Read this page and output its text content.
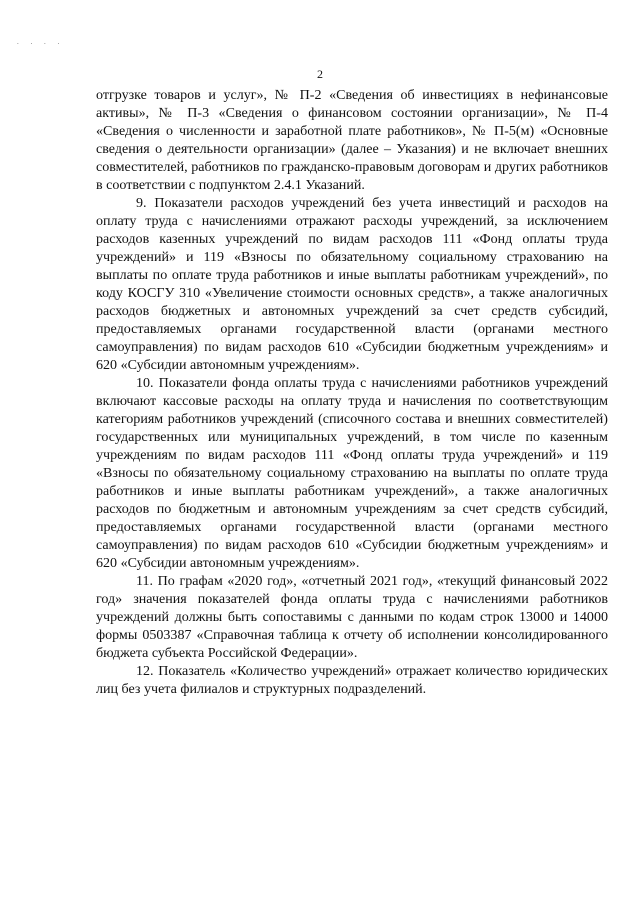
. . . .
2

отгрузке товаров и услуг», № П-2 «Сведения об инвестициях в нефинансовые активы», № П-3 «Сведения о финансовом состоянии организации», № П-4 «Сведения о численности и заработной плате работников», № П-5(м) «Основные сведения о деятельности организации» (далее – Указания) и не включает внешних совместителей, работников по гражданско-правовым договорам и других работников в соответствии с подпунктом 2.4.1 Указаний.

9. Показатели расходов учреждений без учета инвестиций и расходов на оплату труда с начислениями отражают расходы учреждений, за исключением расходов казенных учреждений по видам расходов 111 «Фонд оплаты труда учреждений» и 119 «Взносы по обязательному социальному страхованию на выплаты по оплате труда работников и иные выплаты работникам учреждений», по коду КОСГУ 310 «Увеличение стоимости основных средств», а также аналогичных расходов бюджетных и автономных учреждений за счет средств субсидий, предоставляемых органами государственной власти (органами местного самоуправления) по видам расходов 610 «Субсидии бюджетным учреждениям» и 620 «Субсидии автономным учреждениям».

10. Показатели фонда оплаты труда с начислениями работников учреждений включают кассовые расходы на оплату труда и начисления по соответствующим категориям работников учреждений (списочного состава и внешних совместителей) государственных или муниципальных учреждений, в том числе по казенным учреждениям по видам расходов 111 «Фонд оплаты труда учреждений» и 119 «Взносы по обязательному социальному страхованию на выплаты по оплате труда работников и иные выплаты работникам учреждений», а также аналогичных расходов по бюджетным и автономным учреждениям за счет средств субсидий, предоставляемых органами государственной власти (органами местного самоуправления) по видам расходов 610 «Субсидии бюджетным учреждениям» и 620 «Субсидии автономным учреждениям».

11. По графам «2020 год», «отчетный 2021 год», «текущий финансовый 2022 год» значения показателей фонда оплаты труда с начислениями работников учреждений должны быть сопоставимы с данными по кодам строк 13000 и 14000 формы 0503387 «Справочная таблица к отчету об исполнении консолидированного бюджета субъекта Российской Федерации».

12. Показатель «Количество учреждений» отражает количество юридических лиц без учета филиалов и структурных подразделений.
